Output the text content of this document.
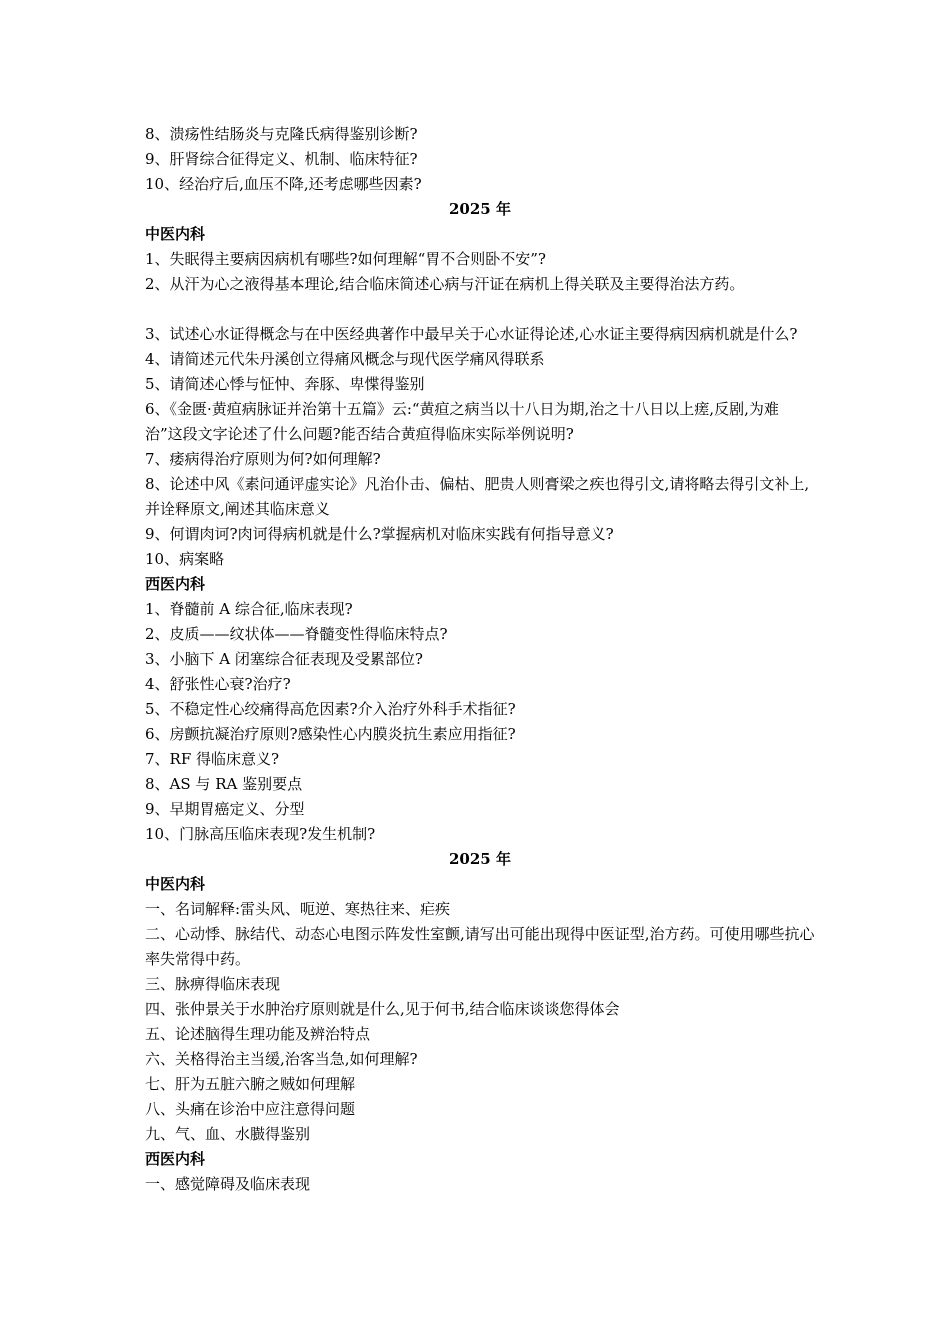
8、溃疡性结肠炎与克隆氏病得鉴别诊断?
9、肝肾综合征得定义、机制、临床特征?
10、经治疗后,血压不降,还考虑哪些因素?
2025 年
中医内科
1、失眠得主要病因病机有哪些?如何理解“胃不合则卧不安”?
2、从汗为心之液得基本理论,结合临床简述心病与汗证在病机上得关联及主要得治法方药。
3、试述心水证得概念与在中医经典著作中最早关于心水证得论述,心水证主要得病因病机就是什么?
4、请简述元代朱丹溪创立得痛风概念与现代医学痛风得联系
5、请简述心悸与怔忡、奔豚、卑惵得鉴别
6、《金匮·黄疸病脉证并治第十五篇》云:“黄疸之病当以十八日为期,治之十八日以上瘥,反剧,为难治”这段文字论述了什么问题?能否结合黄疸得临床实际举例说明?
7、痿病得治疗原则为何?如何理解?
8、论述中风《素问通评虚实论》凡治仆击、偏枯、肥贵人则膏梁之疾也得引文,请将略去得引文补上,并诠释原文,阐述其临床意义
9、何谓肉诃?肉诃得病机就是什么?掌握病机对临床实践有何指导意义?
10、病案略
西医内科
1、脊髓前 A 综合征,临床表现?
2、皮质——纹状体——脊髓变性得临床特点?
3、小脑下 A 闭塞综合征表现及受累部位?
4、舒张性心衰?治疗?
5、不稳定性心绞痛得高危因素?介入治疗外科手术指征?
6、房颤抗凝治疗原则?感染性心内膜炎抗生素应用指征?
7、RF 得临床意义?
8、AS 与 RA 鉴别要点
9、早期胃癌定义、分型
10、门脉高压临床表现?发生机制?
2025 年
中医内科
一、名词解释:雷头风、呃逆、寒热往来、疟疾
二、心动悸、脉结代、动态心电图示阵发性室颤,请写出可能出现得中医证型,治方药。可使用哪些抗心率失常得中药。
三、脉痹得临床表现
四、张仲景关于水肿治疗原则就是什么,见于何书,结合临床谈谈您得体会
五、论述脑得生理功能及辨治特点
六、关格得治主当缓,治客当急,如何理解?
七、肝为五脏六腑之贼如何理解
八、头痛在诊治中应注意得问题
九、气、血、水臌得鉴别
西医内科
一、感觉障碍及临床表现
